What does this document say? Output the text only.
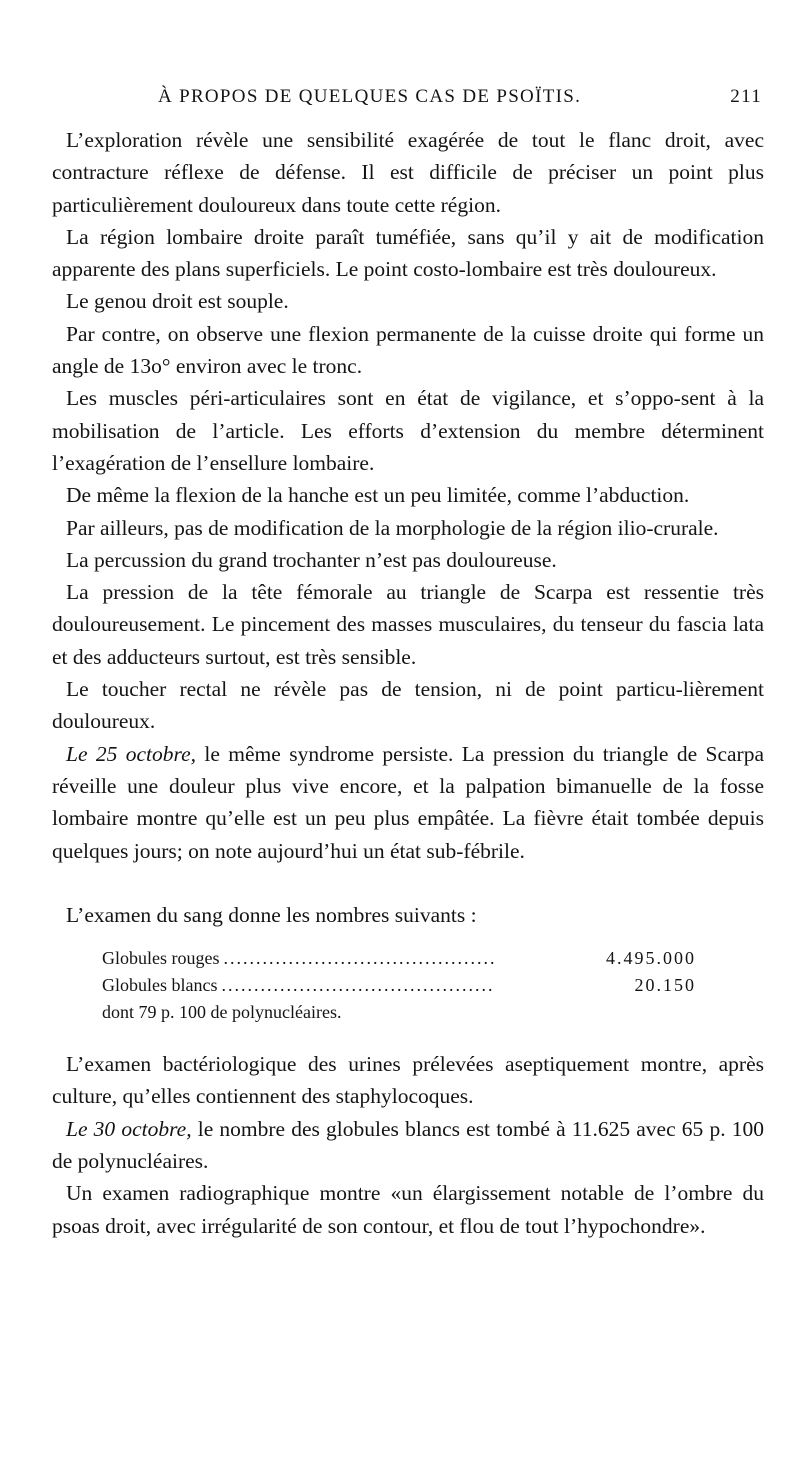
À PROPOS DE QUELQUES CAS DE PSOÏTIS.	211

L’exploration révèle une sensibilité exagérée de tout le flanc droit, avec contracture réflexe de défense. Il est difficile de préciser un point plus particulièrement douloureux dans toute cette région.

La région lombaire droite paraît tuméfiée, sans qu’il y ait de modification apparente des plans superficiels. Le point costo-lombaire est très douloureux.

Le genou droit est souple.

Par contre, on observe une flexion permanente de la cuisse droite qui forme un angle de 13o° environ avec le tronc.

Les muscles péri-articulaires sont en état de vigilance, et s’oppo-sent à la mobilisation de l’article. Les efforts d’extension du membre déterminent l’exagération de l’ensellure lombaire.

De même la flexion de la hanche est un peu limitée, comme l’abduction.

Par ailleurs, pas de modification de la morphologie de la région ilio-crurale.

La percussion du grand trochanter n’est pas douloureuse.

La pression de la tête fémorale au triangle de Scarpa est ressentie très douloureusement. Le pincement des masses musculaires, du tenseur du fascia lata et des adducteurs surtout, est très sensible.

Le toucher rectal ne révèle pas de tension, ni de point particu-lièrement douloureux.

Le 25 octobre, le même syndrome persiste. La pression du triangle de Scarpa réveille une douleur plus vive encore, et la palpation bimanuelle de la fosse lombaire montre qu’elle est un peu plus empâtée. La fièvre était tombée depuis quelques jours; on note aujourd’hui un état sub-fébrile.

L’examen du sang donne les nombres suivants :

Globules rouges ..........................................	4.495.000
Globules blancs ..........................................	20.150
dont 79 p. 100 de polynucléaires.

L’examen bactériologique des urines prélevées aseptiquement montre, après culture, qu’elles contiennent des staphylocoques.

Le 30 octobre, le nombre des globules blancs est tombé à 11.625 avec 65 p. 100 de polynucléaires.

Un examen radiographique montre «un élargissement notable de l’ombre du psoas droit, avec irrégularité de son contour, et flou de tout l’hypochondre».
